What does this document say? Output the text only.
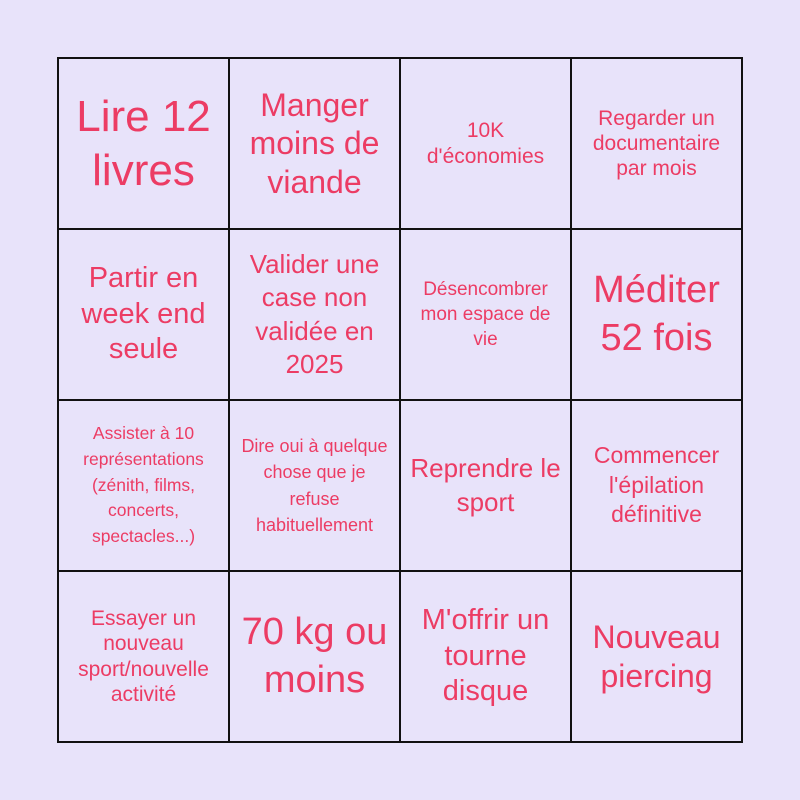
Lire 12 livres
Manger moins de viande
10K d'économies
Regarder un documentaire par mois
Partir en week end seule
Valider une case non validée en 2025
Désencombrer mon espace de vie
Méditer 52 fois
Assister à 10 représentations (zénith, films, concerts, spectacles...)
Dire oui à quelque chose que je refuse habituellement
Reprendre le sport
Commencer l'épilation définitive
Essayer un nouveau sport/nouvelle activité
70 kg ou moins
M'offrir un tourne disque
Nouveau piercing
